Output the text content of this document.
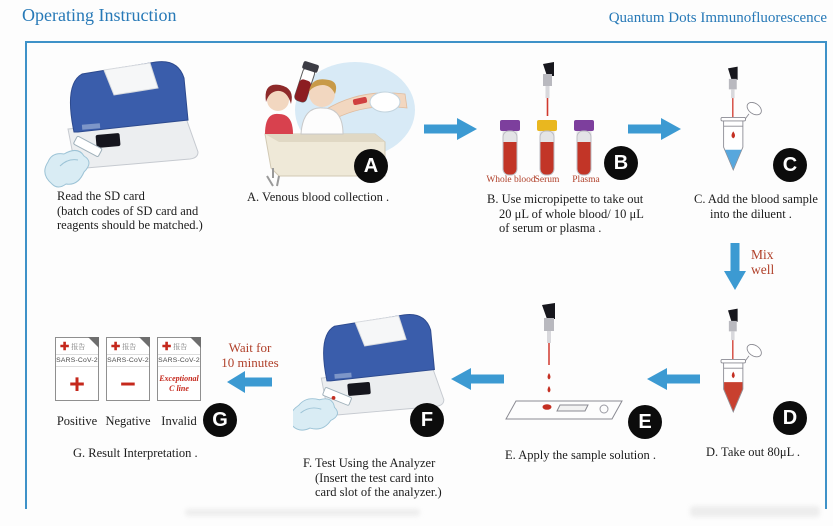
Operating Instruction	Quantum Dots Immunofluorescence
Read the SD card
(batch codes of SD card and
reagents should be matched.)
A
A. Venous blood collection .
Whole blood
Serum	Plasma
B
B. Use micropipette to take out
20 μL of whole blood/ 10 μL
of serum or plasma .
C
C. Add the blood sample
into the diluent .
Mix
well
D
D. Take out 80μL .
E
E. Apply the sample solution .
F
F. Test Using the Analyzer
(Insert the test card into
card slot of the analyzer.)
Wait for
10 minutes
✚ 报告
SARS-CoV-2
+
✚ 报告
SARS-CoV-2
−
✚ 报告
SARS-CoV-2
Exceptional
C line
Positive Negative Invalid G
G. Result Interpretation .
